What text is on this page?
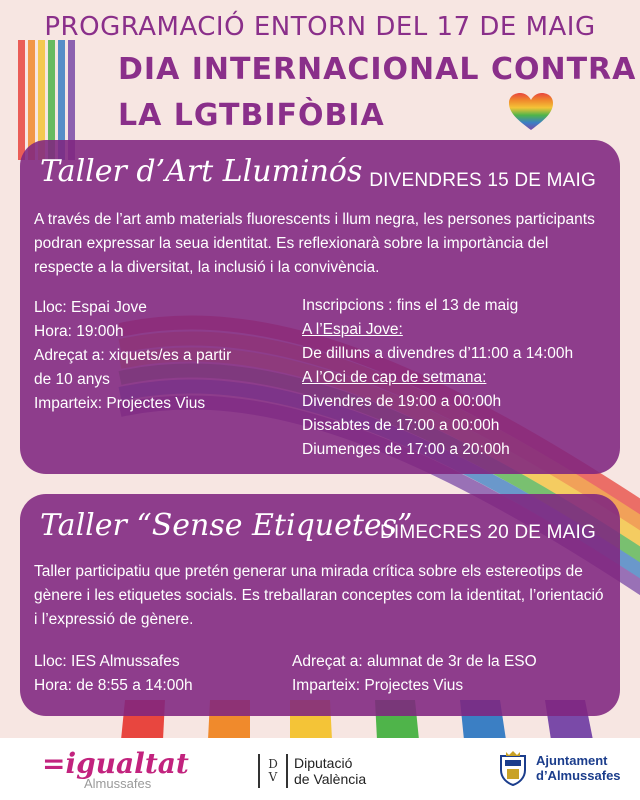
PROGRAMACIÓ ENTORN DEL 17 DE MAIG
DIA INTERNACIONAL CONTRA
LA LGTBIFÒBIA
Taller d’Art Lluminós DIVENDRES 15 DE MAIG
A través de l’art amb materials fluorescents i llum negra, les persones participants podran expressar la seua identitat. Es reflexionarà sobre la importància del respecte a la diversitat, la inclusió i la convivència.
Lloc: Espai Jove
Hora: 19:00h
Adreçat a: xiquets/es a partir
de 10 anys
Imparteix: Projectes Vius
Inscripcions : fins el 13 de maig
A l’Espai Jove:
De dilluns a divendres d’11:00 a 14:00h
A l’Oci de cap de setmana:
Divendres de 19:00 a 00:00h
Dissabtes de 17:00 a 00:00h
Diumenges de 17:00 a 20:00h
Taller “Sense Etiquetes”
DIMECRES 20 DE MAIG
Taller participatiu que pretén generar una mirada crítica sobre els estereotips de gènere i les etiquetes socials. Es treballaran conceptes com la identitat, l’orientació i l’expressió de gènere.
Lloc: IES Almussafes
Hora: de 8:55 a 14:00h
Adreçat a: alumnat de 3r de la ESO
Imparteix: Projectes Vius
=igualtat
Almussafes
D
V
Diputació
de València
Ajuntament
d’Almussafes
